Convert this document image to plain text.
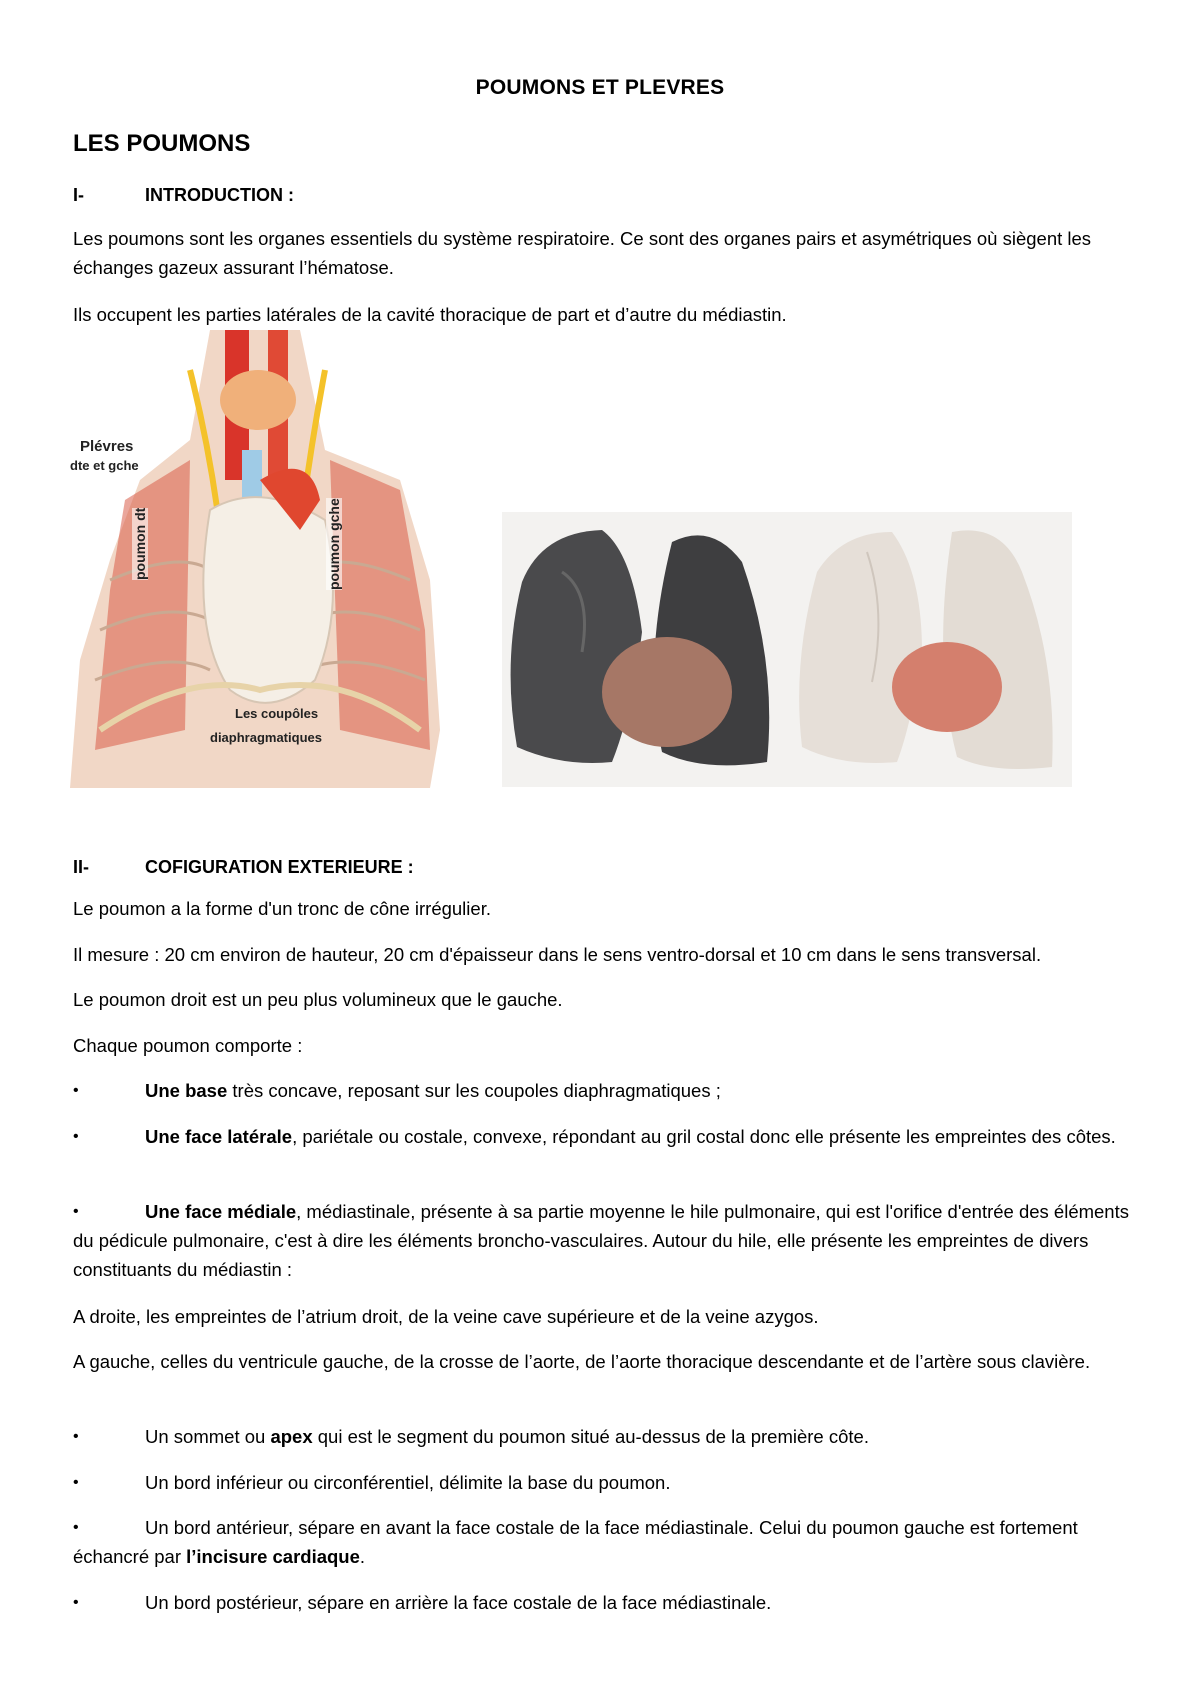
POUMONS ET PLEVRES
LES POUMONS
I-	INTRODUCTION :

Les poumons sont les organes essentiels du système respiratoire. Ce sont des organes pairs et asymétriques où siègent les échanges gazeux assurant l’hématose.

Ils occupent les parties latérales de la cavité thoracique de part et d’autre du médiastin.

Plévres
dte et gche
poumon dt	poumon gche
Les coupôles
diaphragmatiques
II-	COFIGURATION EXTERIEURE :

Le poumon a la forme d'un tronc de cône irrégulier.

Il mesure : 20 cm environ de hauteur, 20 cm d'épaisseur dans le sens ventro-dorsal et 10 cm dans le sens transversal.

Le poumon droit est un peu plus volumineux que le gauche.

Chaque poumon comporte :

•	Une base très concave, reposant sur les coupoles diaphragmatiques ;

•	Une face latérale, pariétale ou costale, convexe, répondant au gril costal donc elle présente les empreintes des côtes.

•	Une face médiale, médiastinale, présente à sa partie moyenne le hile pulmonaire, qui est l'orifice d'entrée des éléments du pédicule pulmonaire, c'est à dire les éléments broncho-vasculaires. Autour du hile, elle présente les empreintes de divers constituants du médiastin :

A droite, les empreintes de l’atrium droit, de la veine cave supérieure et de la veine azygos.

A gauche, celles du ventricule gauche, de la crosse de l’aorte, de l’aorte thoracique descendante et de l’artère sous clavière.

•	Un sommet ou apex qui est le segment du poumon situé au-dessus de la première côte.

•	Un bord inférieur ou circonférentiel, délimite la base du poumon.

•	Un bord antérieur, sépare en avant la face costale de la face médiastinale. Celui du poumon gauche est fortement échancré par l’incisure cardiaque.

•	Un bord postérieur, sépare en arrière la face costale de la face médiastinale.
